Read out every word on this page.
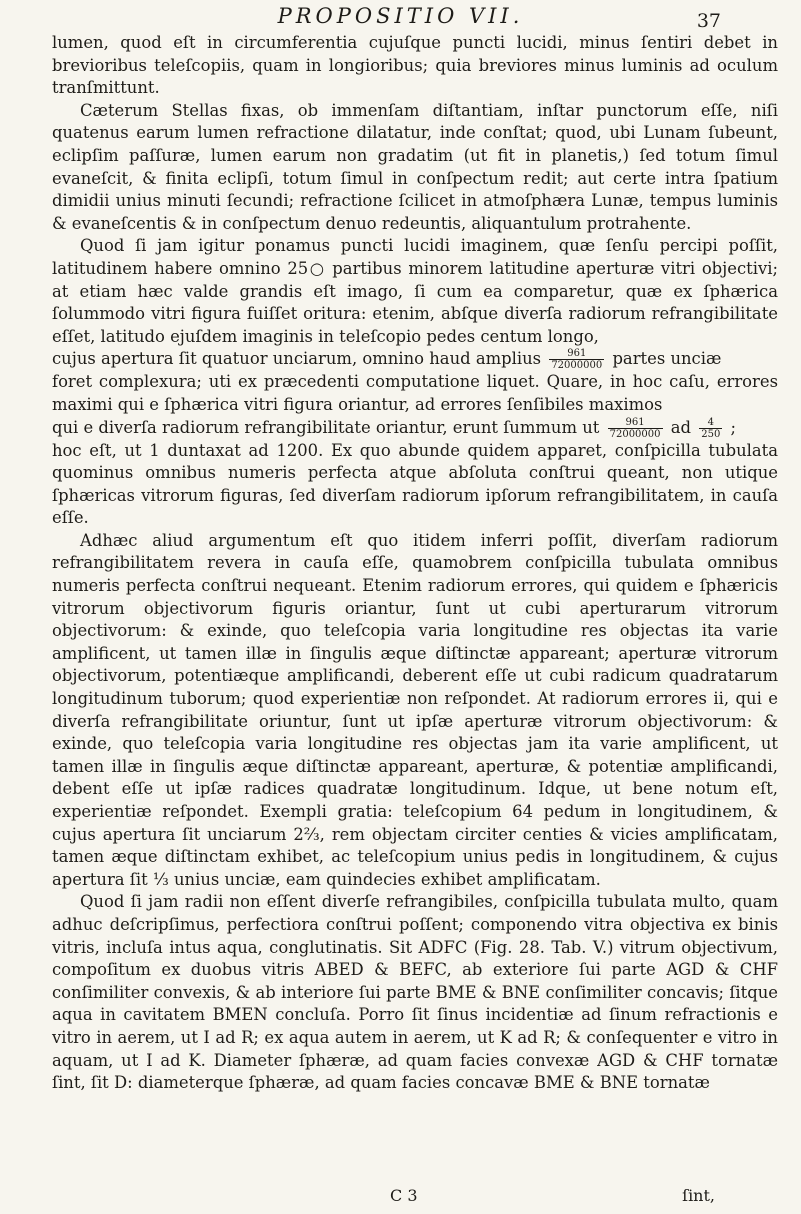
PROPOSITIO VII.	37

lumen, quod eſt in circumferentia cujuſque puncti lucidi, minus ſentiri debet in brevioribus teleſcopiis, quam in longioribus; quia breviores minus luminis ad oculum tranſmittunt.

Cæterum Stellas fixas, ob immenſam diſtantiam, inſtar punctorum eſſe, niſi quatenus earum lumen refractione dilatatur, inde conſtat; quod, ubi Lunam ſubeunt, eclipſim paſſuræ, lumen earum non gradatim (ut fit in planetis,) ſed totum ſimul evaneſcit, & finita eclipſi, totum ſimul in conſpectum redit; aut certe intra ſpatium dimidii unius minuti ſecundi; refractione ſcilicet in atmoſphæra Lunæ, tempus luminis & evaneſcentis & in conſpectum denuo redeuntis, aliquantulum protrahente.

Quod ſi jam igitur ponamus puncti lucidi imaginem, quæ ſenſu percipi poſſit, latitudinem habere omnino 25○ partibus minorem latitudine aperturæ vitri objectivi; at etiam hæc valde grandis eſt imago, ſi cum ea comparetur, quæ ex ſphærica ſolummodo vitri figura fuiſſet oritura: etenim, abſque diverſa radiorum refrangibilitate eſſet, latitudo ejuſdem imaginis in teleſcopio pedes centum longo,

cujus apertura ſit quatuor unciarum, omnino haud amplius $\frac{961}{72000000}$ partes unciæ

foret complexura; uti ex præcedenti computatione liquet. Quare, in hoc caſu, errores maximi qui e ſphærica vitri figura oriantur, ad errores ſenſibiles maximos

qui e diverſa radiorum refrangibilitate oriantur, erunt ſummum ut $\frac{961}{72000000}$ ad $\frac{4}{250}$ ;

hoc eſt, ut 1 duntaxat ad 1200. Ex quo abunde quidem apparet, conſpicilla tubulata quominus omnibus numeris perfecta atque abſoluta conſtrui queant, non utique ſphæricas vitrorum figuras, ſed diverſam radiorum ipſorum refrangibilitatem, in cauſa eſſe.

Adhæc aliud argumentum eſt quo itidem inferri poſſit, diverſam radiorum refrangibilitatem revera in cauſa eſſe, quamobrem conſpicilla tubulata omnibus numeris perfecta conſtrui nequeant. Etenim radiorum errores, qui quidem e ſphæricis vitrorum objectivorum figuris oriantur, ſunt ut cubi aperturarum vitrorum objectivorum: & exinde, quo teleſcopia varia longitudine res objectas ita varie amplificent, ut tamen illæ in ſingulis æque diſtinctæ appareant; aperturæ vitrorum objectivorum, potentiæque amplificandi, deberent eſſe ut cubi radicum quadratarum longitudinum tuborum; quod experientiæ non reſpondet. At radiorum errores ii, qui e diverſa refrangibilitate oriuntur, ſunt ut ipſæ aperturæ vitrorum objectivorum: & exinde, quo teleſcopia varia longitudine res objectas jam ita varie amplificent, ut tamen illæ in ſingulis æque diſtinctæ appareant, aperturæ, & potentiæ amplificandi, debent eſſe ut ipſæ radices quadratæ longitudinum. Idque, ut bene notum eſt, experientiæ reſpondet. Exempli gratia: teleſcopium 64 pedum in longitudinem, & cujus apertura ſit unciarum 2⅔, rem objectam circiter centies & vicies amplificatam, tamen æque diſtinctam exhibet, ac teleſcopium unius pedis in longitudinem, & cujus apertura ſit ⅓ unius unciæ, eam quindecies exhibet amplificatam.

Quod ſi jam radii non eſſent diverſe refrangibiles, conſpicilla tubulata multo, quam adhuc deſcripſimus, perfectiora conſtrui poſſent; componendo vitra objectiva ex binis vitris, incluſa intus aqua, conglutinatis. Sit ADFC (Fig. 28. Tab. V.) vitrum objectivum, compoſitum ex duobus vitris ABED & BEFC, ab exteriore ſui parte AGD & CHF conſimiliter convexis, & ab interiore ſui parte BME & BNE conſimiliter concavis; ſitque aqua in cavitatem BMEN concluſa. Porro ſit ſinus incidentiæ ad ſinum refractionis e vitro in aerem, ut I ad R; ex aqua autem in aerem, ut K ad R; & conſequenter e vitro in aquam, ut I ad K. Diameter ſphæræ, ad quam facies convexæ AGD & CHF tornatæ ſint, ſit D: diameterque ſphæræ, ad quam facies concavæ BME & BNE tornatæ

C 3	ſint,
